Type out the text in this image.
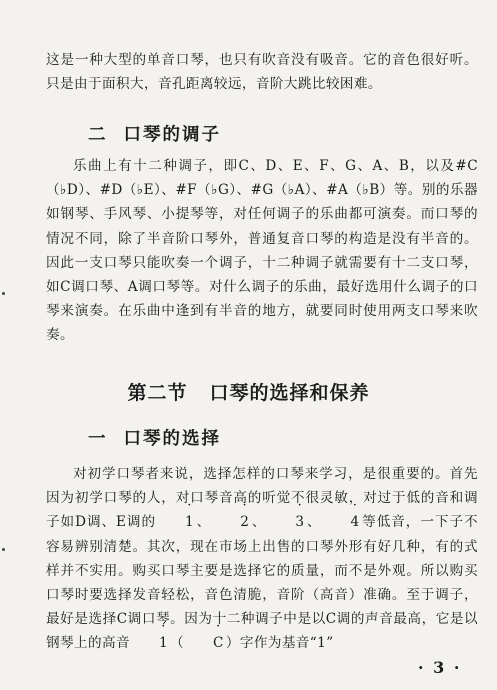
这是一种大型的单音口琴，也只有吹音没有吸音。它的音色很好听。只是由于面积大，音孔距离较远，音阶大跳比较困难。

二 口琴的调子

乐曲上有十二种调子，即C、D、E、F、G、A、B，以及#C（♭D）、#D（♭E）、#F（♭G）、#G（♭A）、#A（♭B）等。别的乐器如钢琴、手风琴、小提琴等，对任何调子的乐曲都可演奏。而口琴的情况不同，除了半音阶口琴外，普通复音口琴的构造是没有半音的。因此一支口琴只能吹奏一个调子，十二种调子就需要有十二支口琴，如C调口琴、A调口琴等。对什么调子的乐曲，最好选用什么调子的口琴来演奏。在乐曲中逢到有半音的地方，就要同时使用两支口琴来吹奏。

第二节 口琴的选择和保养
一 口琴的选择

对初学口琴者来说，选择怎样的口琴来学习，是很重要的。首先因为初学口琴的人，对口琴音高的听觉不很灵敏，对过于低的音和调子如D调、E调的 · 1 、 · 2 、 · 3 、 · 4 等低音，一下子不容易辨别清楚。其次，现在市场上出售的口琴外形有好几种，有的式样并不实用。购买口琴主要是选择它的质量，而不是外观。所以购买口琴时要选择发音轻松，音色清脆，音阶（高音）准确。至于调子，最好是选择C调口琴。因为十二种调子中是以C调的声音最高，它是以钢琴上的高音 · 1 （ · C ）字作为基音“1”

· 3 ·
